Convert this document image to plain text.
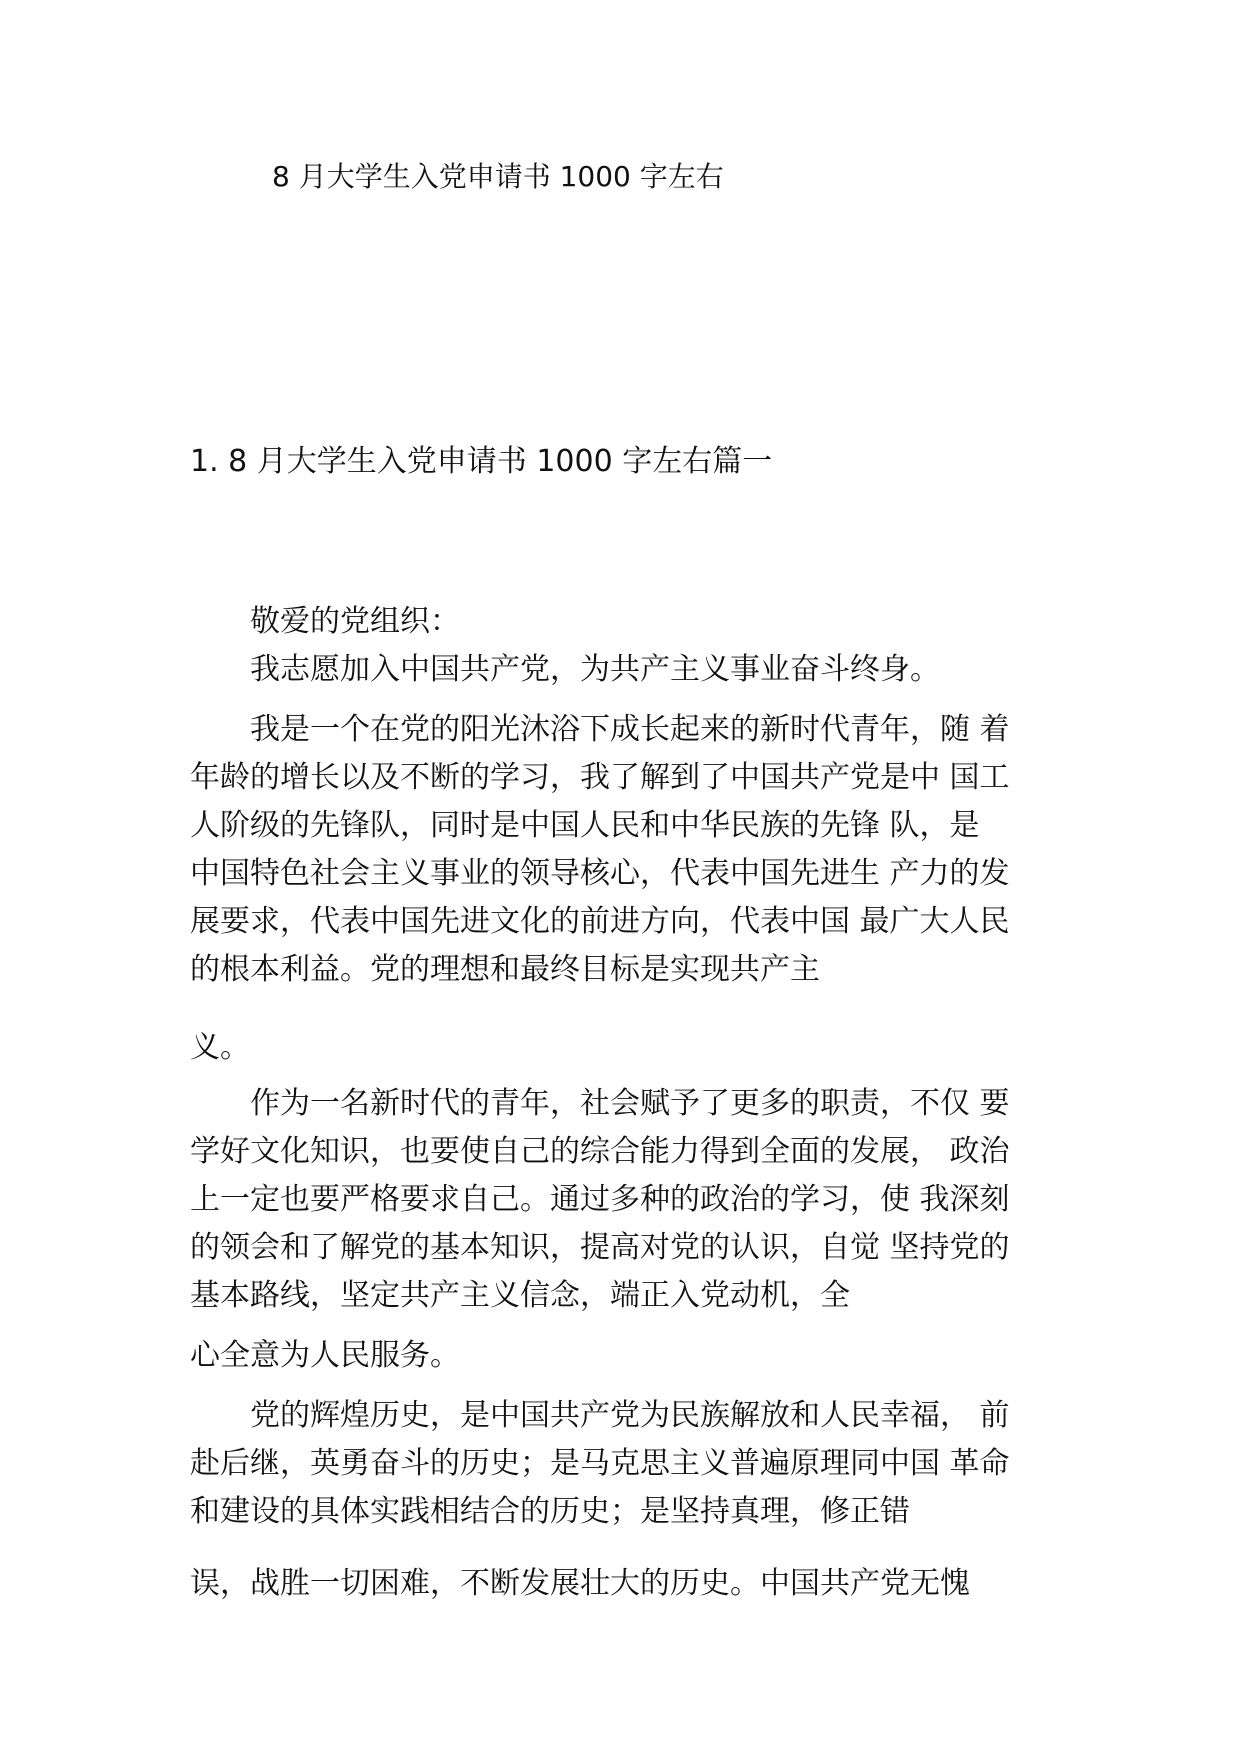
8 月大学生入党申请书 1000 字左右
1. 8 月大学生入党申请书 1000 字左右篇一
　　敬爱的党组织：
　　我志愿加入中国共产党，为共产主义事业奋斗终身。
　　我是一个在党的阳光沐浴下成长起来的新时代青年，随 着
年龄的增长以及不断的学习，我了解到了中国共产党是中 国工
人阶级的先锋队，同时是中国人民和中华民族的先锋 队，是
中国特色社会主义事业的领导核心，代表中国先进生 产力的发
展要求，代表中国先进文化的前进方向，代表中国 最广大人民
的根本利益。党的理想和最终目标是实现共产主
义。
　　作为一名新时代的青年，社会赋予了更多的职责，不仅 要
学好文化知识，也要使自己的综合能力得到全面的发展， 政治
上一定也要严格要求自己。通过多种的政治的学习，使 我深刻
的领会和了解党的基本知识，提高对党的认识，自觉 坚持党的
基本路线，坚定共产主义信念，端正入党动机，全
心全意为人民服务。
　　党的辉煌历史，是中国共产党为民族解放和人民幸福， 前
赴后继，英勇奋斗的历史；是马克思主义普遍原理同中国 革命
和建设的具体实践相结合的历史；是坚持真理，修正错
误，战胜一切困难，不断发展壮大的历史。中国共产党无愧
